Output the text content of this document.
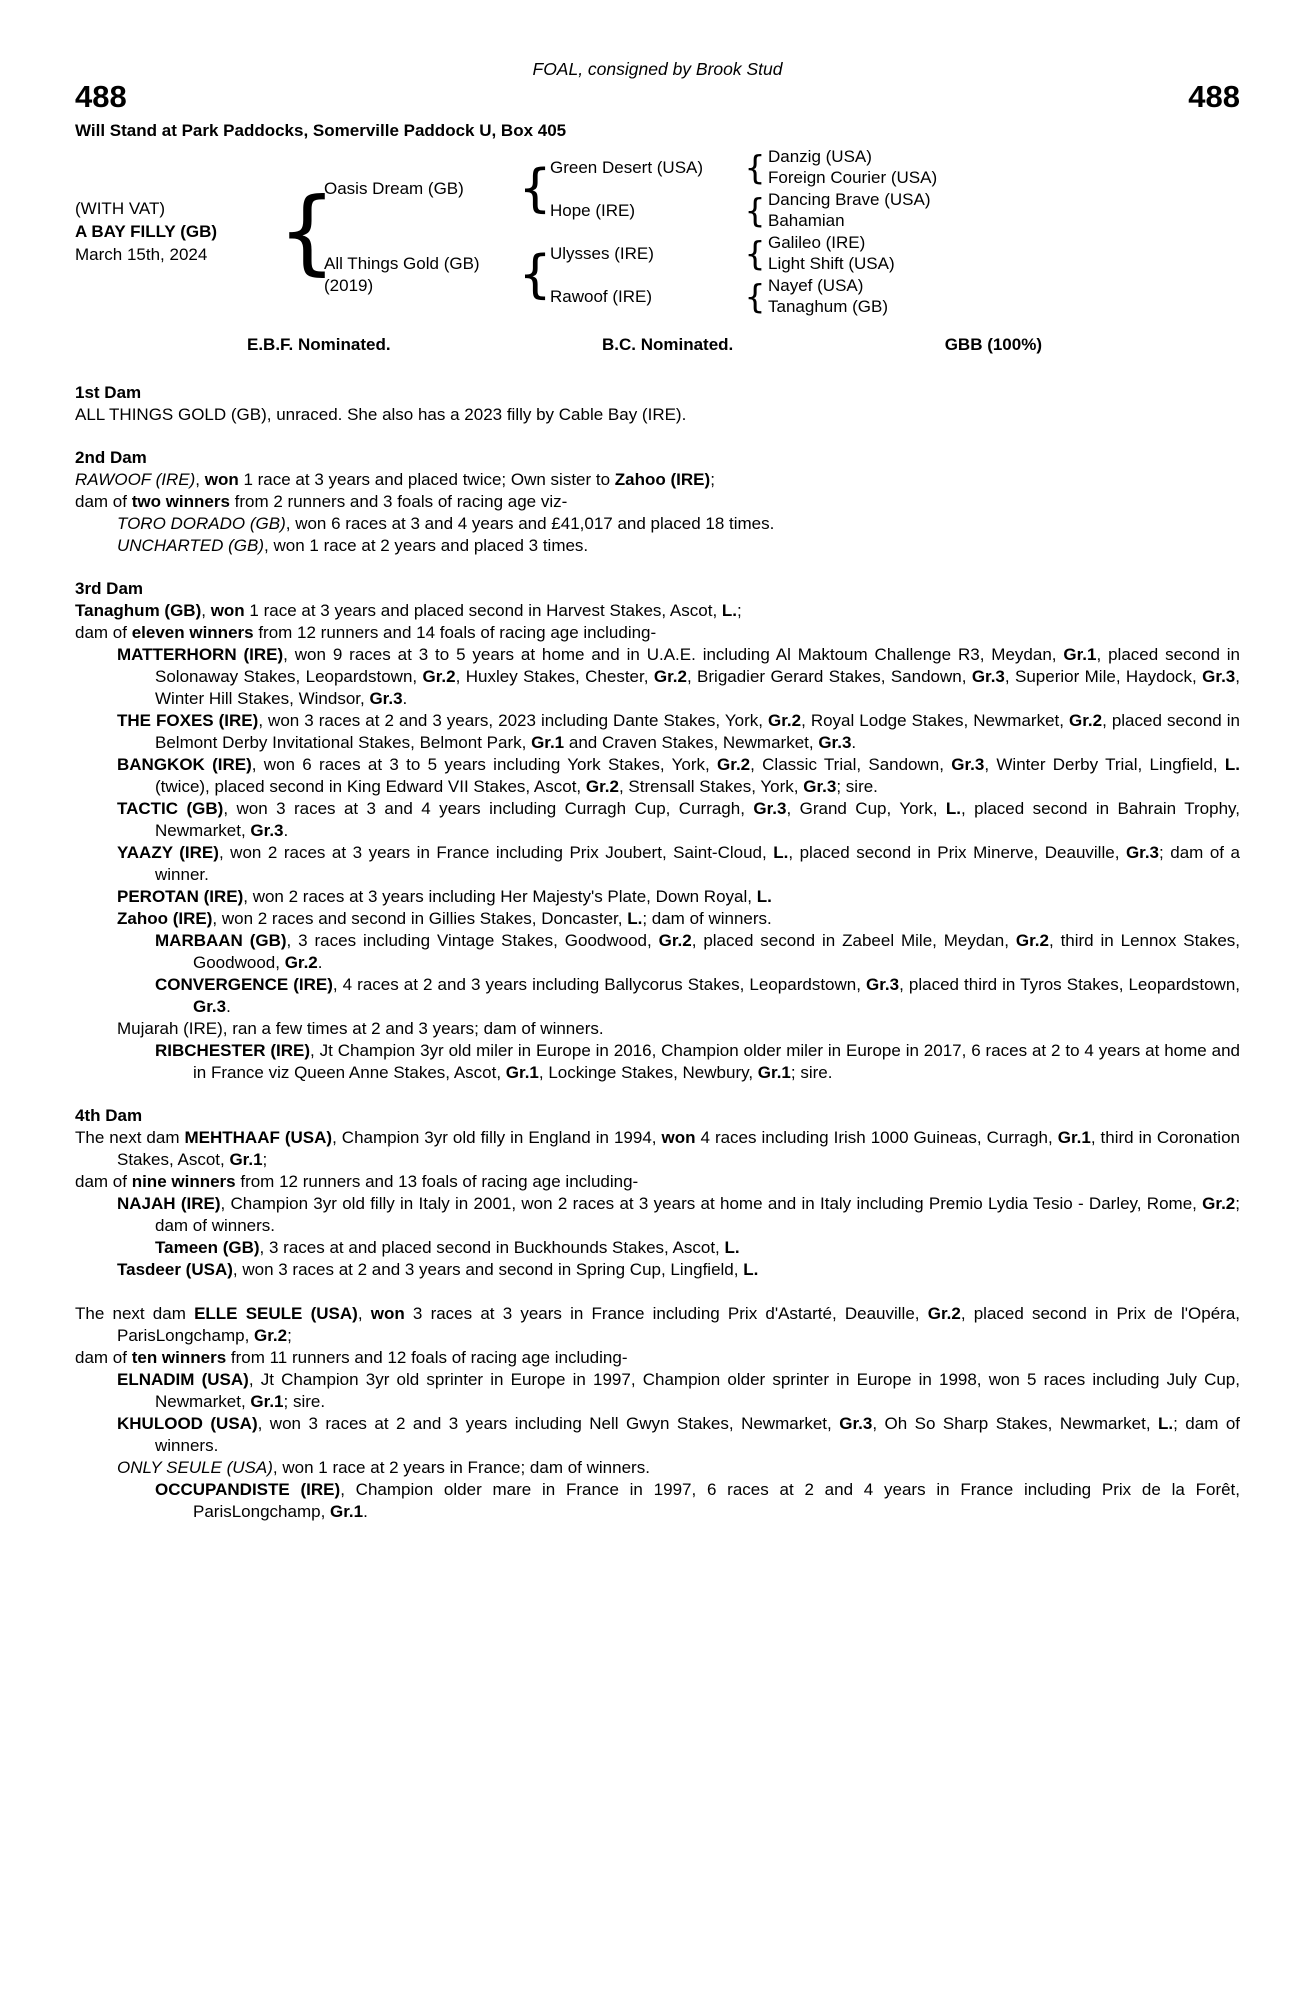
FOAL, consigned by Brook Stud
488	488
Will Stand at Park Paddocks, Somerville Paddock U, Box 405
(WITH VAT)
A BAY FILLY (GB)
March 15th, 2024 {
Oasis Dream (GB)
All Things Gold (GB)
(2019)
{
{
Green Desert (USA)
Hope (IRE)
Ulysses (IRE)
Rawoof (IRE)
{
{
{
{
Danzig (USA)
Foreign Courier (USA)
Dancing Brave (USA)
Bahamian
Galileo (IRE)
Light Shift (USA)
Nayef (USA)
Tanaghum (GB)
E.B.F. Nominated.	B.C. Nominated.	GBB (100%)
1st Dam

ALL THINGS GOLD (GB), unraced. She also has a 2023 filly by Cable Bay (IRE).

2nd Dam

RAWOOF (IRE), won 1 race at 3 years and placed twice; Own sister to Zahoo (IRE);

dam of two winners from 2 runners and 3 foals of racing age viz-

TORO DORADO (GB), won 6 races at 3 and 4 years and £41,017 and placed 18 times.

UNCHARTED (GB), won 1 race at 2 years and placed 3 times.

3rd Dam

Tanaghum (GB), won 1 race at 3 years and placed second in Harvest Stakes, Ascot, L.;

dam of eleven winners from 12 runners and 14 foals of racing age including-

MATTERHORN (IRE), won 9 races at 3 to 5 years at home and in U.A.E. including Al Maktoum Challenge R3, Meydan, Gr.1, placed second in Solonaway Stakes, Leopardstown, Gr.2, Huxley Stakes, Chester, Gr.2, Brigadier Gerard Stakes, Sandown, Gr.3, Superior Mile, Haydock, Gr.3, Winter Hill Stakes, Windsor, Gr.3.

THE FOXES (IRE), won 3 races at 2 and 3 years, 2023 including Dante Stakes, York, Gr.2, Royal Lodge Stakes, Newmarket, Gr.2, placed second in Belmont Derby Invitational Stakes, Belmont Park, Gr.1 and Craven Stakes, Newmarket, Gr.3.

BANGKOK (IRE), won 6 races at 3 to 5 years including York Stakes, York, Gr.2, Classic Trial, Sandown, Gr.3, Winter Derby Trial, Lingfield, L. (twice), placed second in King Edward VII Stakes, Ascot, Gr.2, Strensall Stakes, York, Gr.3; sire.

TACTIC (GB), won 3 races at 3 and 4 years including Curragh Cup, Curragh, Gr.3, Grand Cup, York, L., placed second in Bahrain Trophy, Newmarket, Gr.3.

YAAZY (IRE), won 2 races at 3 years in France including Prix Joubert, Saint-Cloud, L., placed second in Prix Minerve, Deauville, Gr.3; dam of a winner.

PEROTAN (IRE), won 2 races at 3 years including Her Majesty's Plate, Down Royal, L.

Zahoo (IRE), won 2 races and second in Gillies Stakes, Doncaster, L.; dam of winners.

MARBAAN (GB), 3 races including Vintage Stakes, Goodwood, Gr.2, placed second in Zabeel Mile, Meydan, Gr.2, third in Lennox Stakes, Goodwood, Gr.2.

CONVERGENCE (IRE), 4 races at 2 and 3 years including Ballycorus Stakes, Leopardstown, Gr.3, placed third in Tyros Stakes, Leopardstown, Gr.3.

Mujarah (IRE), ran a few times at 2 and 3 years; dam of winners.

RIBCHESTER (IRE), Jt Champion 3yr old miler in Europe in 2016, Champion older miler in Europe in 2017, 6 races at 2 to 4 years at home and in France viz Queen Anne Stakes, Ascot, Gr.1, Lockinge Stakes, Newbury, Gr.1; sire.

4th Dam

The next dam MEHTHAAF (USA), Champion 3yr old filly in England in 1994, won 4 races including Irish 1000 Guineas, Curragh, Gr.1, third in Coronation Stakes, Ascot, Gr.1;

dam of nine winners from 12 runners and 13 foals of racing age including-

NAJAH (IRE), Champion 3yr old filly in Italy in 2001, won 2 races at 3 years at home and in Italy including Premio Lydia Tesio - Darley, Rome, Gr.2; dam of winners.

Tameen (GB), 3 races at and placed second in Buckhounds Stakes, Ascot, L.

Tasdeer (USA), won 3 races at 2 and 3 years and second in Spring Cup, Lingfield, L.

The next dam ELLE SEULE (USA), won 3 races at 3 years in France including Prix d'Astarté, Deauville, Gr.2, placed second in Prix de l'Opéra, ParisLongchamp, Gr.2;

dam of ten winners from 11 runners and 12 foals of racing age including-

ELNADIM (USA), Jt Champion 3yr old sprinter in Europe in 1997, Champion older sprinter in Europe in 1998, won 5 races including July Cup, Newmarket, Gr.1; sire.

KHULOOD (USA), won 3 races at 2 and 3 years including Nell Gwyn Stakes, Newmarket, Gr.3, Oh So Sharp Stakes, Newmarket, L.; dam of winners.

ONLY SEULE (USA), won 1 race at 2 years in France; dam of winners.

OCCUPANDISTE (IRE), Champion older mare in France in 1997, 6 races at 2 and 4 years in France including Prix de la Forêt, ParisLongchamp, Gr.1.
